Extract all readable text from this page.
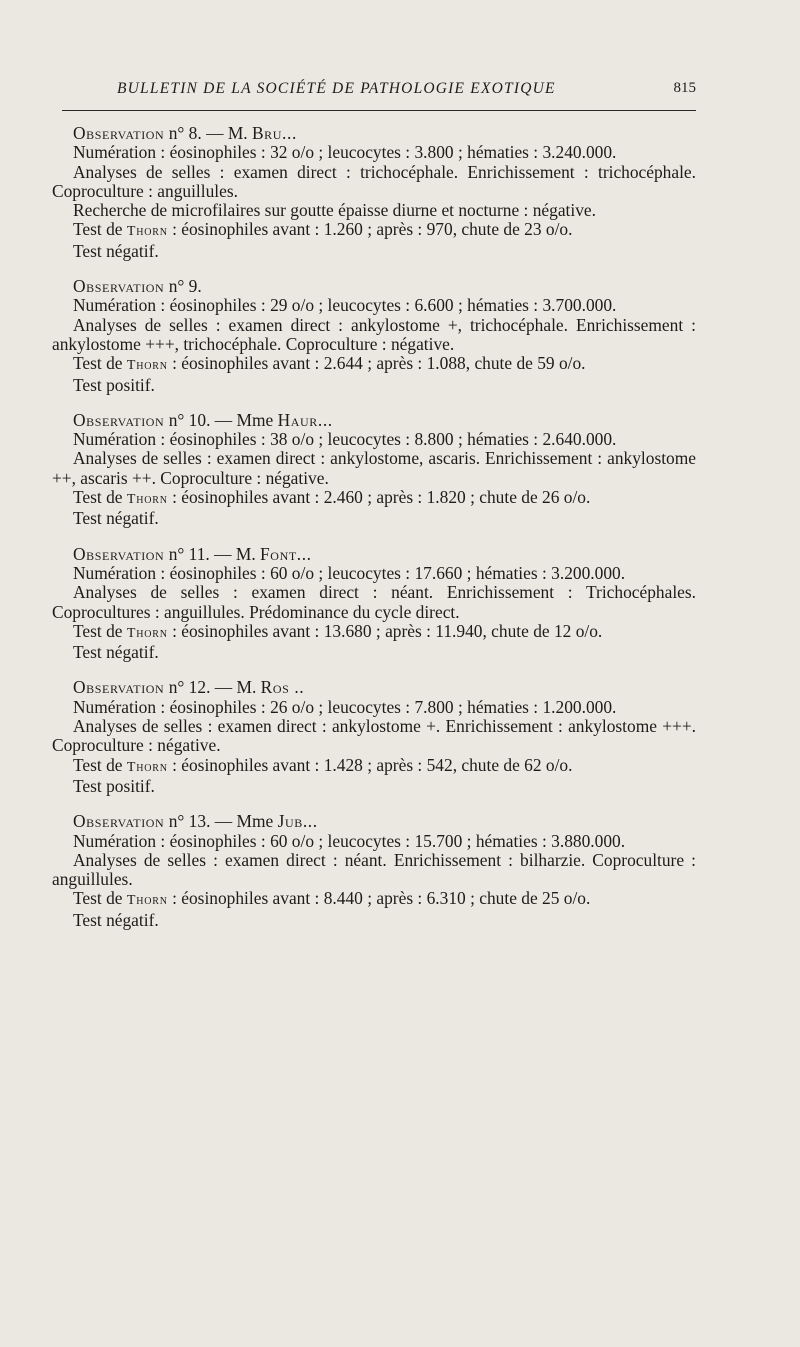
BULLETIN DE LA SOCIÉTÉ DE PATHOLOGIE EXOTIQUE	815

Observation n° 8. — M. Bru...

Numération : éosinophiles : 32 o/o ; leucocytes : 3.800 ; hématies : 3.240.000.

Analyses de selles : examen direct : trichocéphale. Enrichissement : trichocéphale. Coproculture : anguillules.

Recherche de microfilaires sur goutte épaisse diurne et nocturne : négative.

Test de Thorn : éosinophiles avant : 1.260 ; après : 970, chute de 23 o/o.

Test négatif.

Observation n° 9.

Numération : éosinophiles : 29 o/o ; leucocytes : 6.600 ; hématies : 3.700.000.

Analyses de selles : examen direct : ankylostome +, trichocéphale. Enrichissement : ankylostome +++, trichocéphale. Coproculture : négative.

Test de Thorn : éosinophiles avant : 2.644 ; après : 1.088, chute de 59 o/o.

Test positif.

Observation n° 10. — Mme Haur...

Numération : éosinophiles : 38 o/o ; leucocytes : 8.800 ; hématies : 2.640.000.

Analyses de selles : examen direct : ankylostome, ascaris. Enrichissement : ankylostome ++, ascaris ++. Coproculture : négative.

Test de Thorn : éosinophiles avant : 2.460 ; après : 1.820 ; chute de 26 o/o.

Test négatif.

Observation n° 11. — M. Font...

Numération : éosinophiles : 60 o/o ; leucocytes : 17.660 ; hématies : 3.200.000.

Analyses de selles : examen direct : néant. Enrichissement : Trichocéphales. Coprocultures : anguillules. Prédominance du cycle direct.

Test de Thorn : éosinophiles avant : 13.680 ; après : 11.940, chute de 12 o/o.

Test négatif.

Observation n° 12. — M. Ros ..

Numération : éosinophiles : 26 o/o ; leucocytes : 7.800 ; hématies : 1.200.000.

Analyses de selles : examen direct : ankylostome +. Enrichissement : ankylostome +++. Coproculture : négative.

Test de Thorn : éosinophiles avant : 1.428 ; après : 542, chute de 62 o/o.

Test positif.

Observation n° 13. — Mme Jub...

Numération : éosinophiles : 60 o/o ; leucocytes : 15.700 ; hématies : 3.880.000.

Analyses de selles : examen direct : néant. Enrichissement : bilharzie. Coproculture : anguillules.

Test de Thorn : éosinophiles avant : 8.440 ; après : 6.310 ; chute de 25 o/o.

Test négatif.
